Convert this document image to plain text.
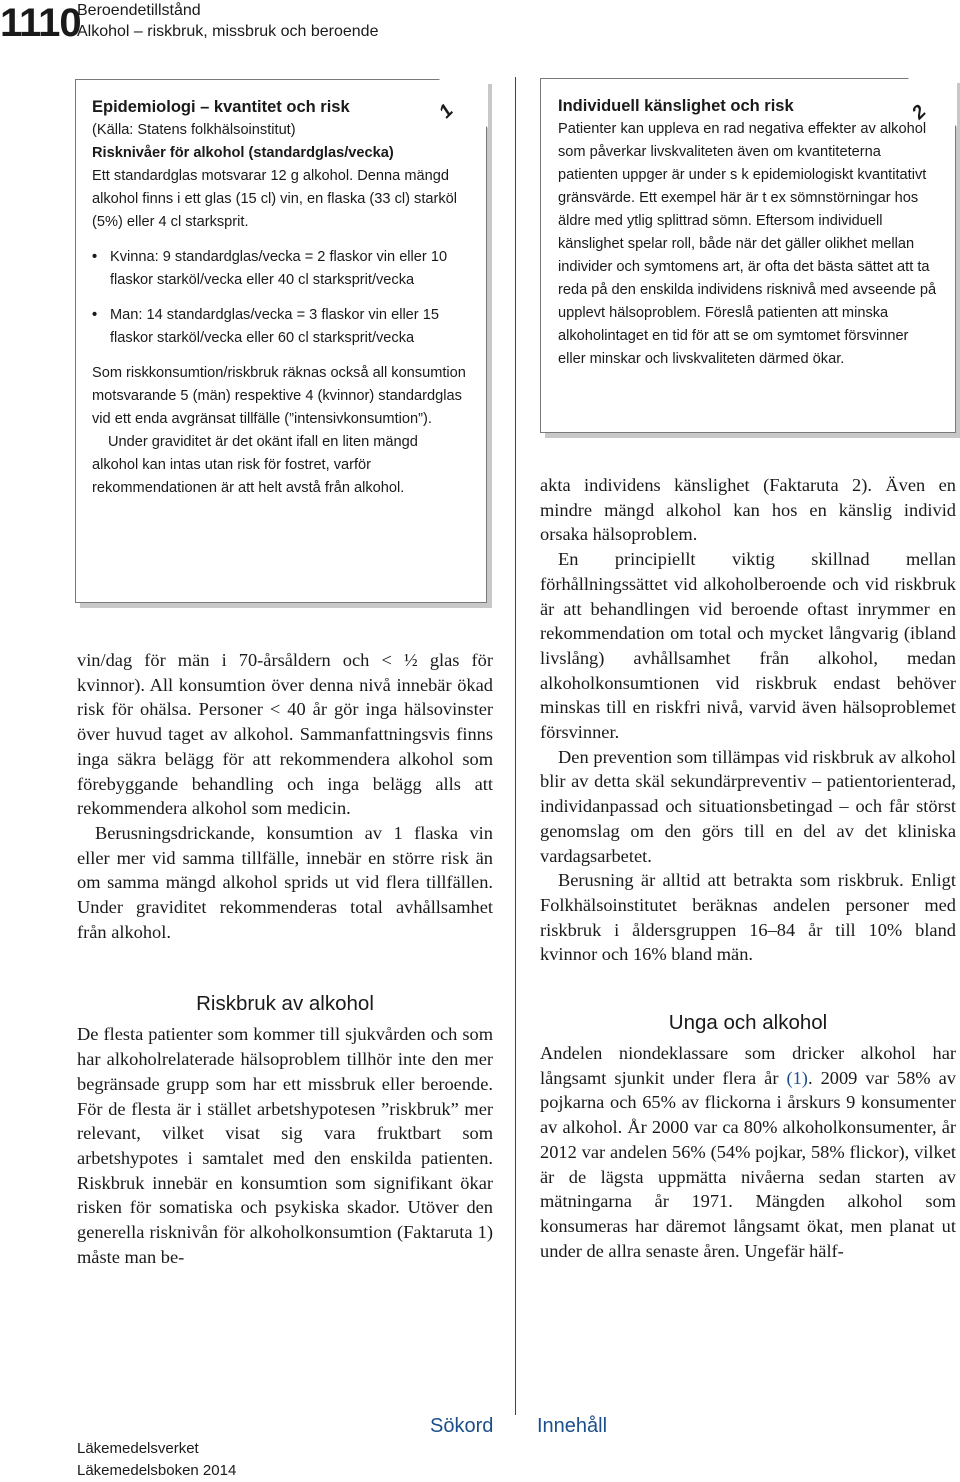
1110
Beroendetillstånd
Alkohol – riskbruk, missbruk och beroende
1

Epidemiologi – kvantitet och risk

(Källa: Statens folkhälsoinstitut)

Risknivåer för alkohol (standardglas/vecka)

Ett standardglas motsvarar 12 g alkohol. Denna mängd alkohol finns i ett glas (15 cl) vin, en flaska (33 cl) starköl (5%) eller 4 cl starksprit.

• Kvinna: 9 standardglas/vecka = 2 flaskor vin eller 10 flaskor starköl/vecka eller 40 cl starksprit/vecka
• Man: 14 standardglas/vecka = 3 flaskor vin eller 15 flaskor starköl/vecka eller 60 cl starksprit/vecka

Som riskkonsumtion/riskbruk räknas också all konsumtion motsvarande 5 (män) respektive 4 (kvinnor) standardglas vid ett enda avgränsat tillfälle (”intensivkonsumtion”).

Under graviditet är det okänt ifall en liten mängd alkohol kan intas utan risk för fostret, varför rekommendationen är att helt avstå från alkohol.

2

Individuell känslighet och risk

Patienter kan uppleva en rad negativa effekter av alkohol som påverkar livskvaliteten även om kvantiteterna patienten uppger är under s k epidemiologiskt kvantitativt gränsvärde. Ett exempel här är t ex sömnstörningar hos äldre med ytlig splittrad sömn. Eftersom individuell känslighet spelar roll, både när det gäller olikhet mellan individer och symtomens art, är ofta det bästa sättet att ta reda på den enskilda individens risknivå med avseende på upplevt hälsoproblem. Föreslå patienten att minska alkoholintaget en tid för att se om symtomet försvinner eller minskar och livskvaliteten därmed ökar.

vin/dag för män i 70-årsåldern och < ½ glas för kvinnor). All konsumtion över denna nivå innebär ökad risk för ohälsa. Personer < 40 år gör inga hälsovinster över huvud taget av alkohol. Sammanfattningsvis finns inga säkra belägg för att rekommendera alkohol som förebyggande behandling och inga belägg alls att rekommendera alkohol som medicin.

Berusningsdrickande, konsumtion av 1 flaska vin eller mer vid samma tillfälle, innebär en större risk än om samma mängd alkohol sprids ut vid flera tillfällen. Under graviditet rekommenderas total avhållsamhet från alkohol.

Riskbruk av alkohol

De flesta patienter som kommer till sjukvården och som har alkoholrelaterade hälsoproblem tillhör inte den mer begränsade grupp som har ett missbruk eller beroende. För de flesta är i stället arbetshypotesen ”riskbruk” mer relevant, vilket visat sig vara fruktbart som arbetshypotes i samtalet med den enskilda patienten. Riskbruk innebär en konsumtion som signifikant ökar risken för somatiska och psykiska skador. Utöver den generella risknivån för alkoholkonsumtion (Faktaruta 1) måste man be-

akta individens känslighet (Faktaruta 2). Även en mindre mängd alkohol kan hos en känslig individ orsaka hälsoproblem.

En principiellt viktig skillnad mellan förhållningssättet vid alkoholberoende och vid riskbruk är att behandlingen vid beroende oftast inrymmer en rekommendation om total och mycket långvarig (ibland livslång) avhållsamhet från alkohol, medan alkoholkonsumtionen vid riskbruk endast behöver minskas till en riskfri nivå, varvid även hälsoproblemet försvinner.

Den prevention som tillämpas vid riskbruk av alkohol blir av detta skäl sekundärpreventiv – patientorienterad, individanpassad och situationsbetingad – och får störst genomslag om den görs till en del av det kliniska vardagsarbetet.

Berusning är alltid att betrakta som riskbruk. Enligt Folkhälsoinstitutet beräknas andelen personer med riskbruk i åldersgruppen 16–84 år till 10% bland kvinnor och 16% bland män.

Unga och alkohol

Andelen niondeklassare som dricker alkohol har långsamt sjunkit under flera år (1). 2009 var 58% av pojkarna och 65% av flickorna i årskurs 9 konsumenter av alkohol. År 2000 var ca 80% alkoholkonsumenter, år 2012 var andelen 56% (54% pojkar, 58% flickor), vilket är de lägsta uppmätta nivåerna sedan starten av mätningarna år 1971. Mängden alkohol som konsumeras har däremot långsamt ökat, men planat ut under de allra senaste åren. Ungefär hälf-

Läkemedelsverket
Läkemedelsboken 2014
Sökord Innehåll
